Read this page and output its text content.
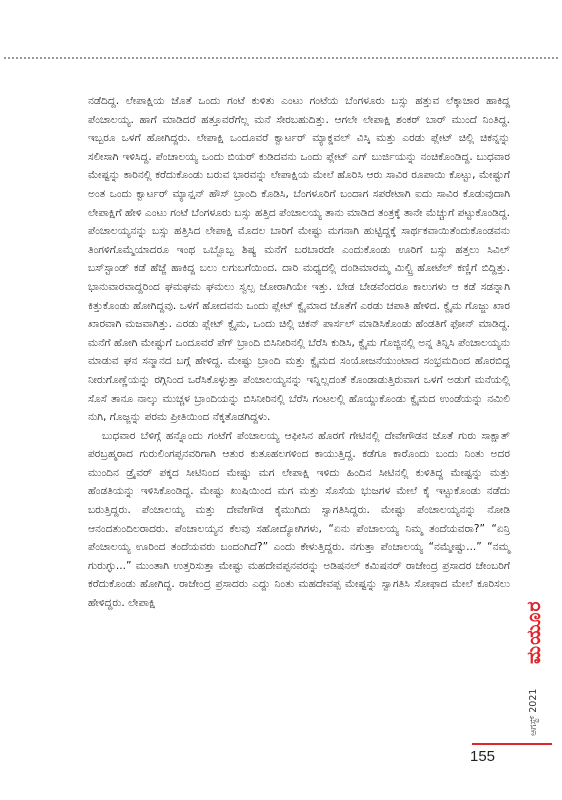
ನಡೆದಿದ್ದ. ಲೇಪಾಕ್ಷಿಯ ಜೊತೆ ಒಂದು ಗಂಟೆ ಕುಳಿತು ಎಂಟು ಗಂಟೆಯ ಬೆಂಗಳೂರು ಬಸ್ಸು ಹತ್ತುವ ಲೆಕ್ಕಾಚಾರ ಹಾಕಿದ್ದ ಪೆಂಚಾಲಯ್ಯ. ಹಾಗೆ ಮಾಡಿದರೆ ಹತ್ತೂವರೆಗೆಲ್ಲ ಮನೆ ಸೇರಬಹುದಿತ್ತು. ಆಗಲೇ ಲೇಪಾಕ್ಷಿ ಶಂಕರ್ ಬಾರ್ ಮುಂದೆ ನಿಂತಿದ್ದ. ಇಬ್ಬರೂ ಒಳಗೆ ಹೋಗಿದ್ದರು. ಲೇಪಾಕ್ಷಿ ಒಂದೂವರೆ ಕ್ವಾರ್ಟರ್ ಮ್ಯಾಕ್ಡವಲ್ ವಿಸ್ಕಿ ಮತ್ತು ಎರಡು ಪ್ಲೇಟ್ ಚಿಲ್ಲಿ ಚಿಕನ್ನನ್ನು ಸಲೀಸಾಗಿ ಇಳಿಸಿದ್ದ. ಪೆಂಚಾಲಯ್ಯ ಒಂದು ಬಿಯರ್ ಕುಡಿದವನು ಒಂದು ಪ್ಲೇಟ್ ಎಗ್ ಬುರ್ಜಿಯನ್ನು ನಂಚಿಕೊಂಡಿದ್ದ. ಬುಧವಾರ ಮೇಷ್ಟನ್ನು ಕಾರಿನಲ್ಲಿ ಕರೆದುಕೊಂಡು ಬರುವ ಭಾರವನ್ನು ಲೇಪಾಕ್ಷಿಯ ಮೇಲೆ ಹೊರಿಸಿ ಆರು ಸಾವಿರ ರೂಪಾಯಿ ಕೊಟ್ಟು, ಮೇಷ್ಟುಗೆ ಅಂತ ಒಂದು ಕ್ವಾರ್ಟರ್ ಮ್ಯಾನ್ಷನ್ ಹೌಸ್ ಬ್ರಾಂದಿ ಕೊಡಿಸಿ, ಬೆಂಗಳೂರಿಗೆ ಬಂದಾಗ ಸಪರೇಟಾಗಿ ಐದು ಸಾವಿರ ಕೊಡುವುದಾಗಿ ಲೇಪಾಕ್ಷಿಗೆ ಹೇಳಿ ಎಂಟು ಗಂಟೆ ಬೆಂಗಳೂರು ಬಸ್ಸು ಹತ್ತಿದ ಪೆಂಚಾಲಯ್ಯ ತಾನು ಮಾಡಿದ ತಂತ್ರಕ್ಕೆ ತಾನೇ ಮೆಚ್ಚುಗೆ ಪಟ್ಟುಕೊಂಡಿದ್ದ. ಪೆಂಚಾಲಯ್ಯನನ್ನು ಬಸ್ಸು ಹತ್ತಿಸಿದ ಲೇಪಾಕ್ಷಿ ಮೊದಲ ಬಾರಿಗೆ ಮೇಷ್ಟು ಮಗನಾಗಿ ಹುಟ್ಟಿದ್ದಕ್ಕೆ ಸಾರ್ಥಕವಾಯಿತೆಂದುಕೊಂಡವನು ತಿಂಗಳಿಗೊಮ್ಮೆಯಾದರೂ ಇಂಥ ಒಬ್ಬೊಬ್ಬ ಶಿಷ್ಯ ಮನೆಗೆ ಬರಬಾರದೇ ಎಂದುಕೊಂಡು ಊರಿಗೆ ಬಸ್ಸು ಹತ್ತಲು ಸಿವಿಲ್ ಬಸ್‌ಸ್ಟಾಂಡ್ ಕಡೆ ಹೆಜ್ಜೆ ಹಾಕಿದ್ದ ಬಲು ಲಗುಬಗೆಯಿಂದ. ದಾರಿ ಮಧ್ಯದಲ್ಲಿ ದಂಡಿಮಾರಮ್ಮ ಮಿಲ್ಟ್ರಿ ಹೋಟೆಲ್ ಕಣ್ಣಿಗೆ ಬಿದ್ದಿತ್ತು. ಭಾನುವಾರವಾದ್ದರಿಂದ ಘಮಘಮ ಘಮಲು ಸ್ವಲ್ಪ ಜೋರಾಗಿಯೇ ಇತ್ತು. ಬೇಡ ಬೇಡವೆಂದರೂ ಕಾಲುಗಳು ಆ ಕಡೆ ಸಡನ್ನಾಗಿ ಕಿತ್ತುಕೊಂಡು ಹೋಗಿದ್ದವು. ಒಳಗೆ ಹೋದವನು ಒಂದು ಪ್ಲೇಟ್ ಕ್ವೈಮಾದ ಜೊತೆಗೆ ಎರಡು ಚಪಾತಿ ಹೇಳಿದ. ಕ್ವೈಮ ಗೊಜ್ಜು ಖಾರ ಖಾರವಾಗಿ ಮಜವಾಗಿತ್ತು. ಎರಡು ಪ್ಲೇಟ್ ಕ್ವೈಮ, ಒಂದು ಚಿಲ್ಲಿ ಚಿಕನ್ ಪಾರ್ಸಲ್ ಮಾಡಿಸಿಕೊಂಡು ಹೆಂಡತಿಗೆ ಫೋನ್ ಮಾಡಿದ್ದ. ಮನೆಗೆ ಹೋಗಿ ಮೇಷ್ಟುಗೆ ಒಂದೂವರೆ ಪೆಗ್ ಬ್ರಾಂದಿ ಬಿಸಿನೀರಿನಲ್ಲಿ ಬೆರೆಸಿ ಕುಡಿಸಿ, ಕ್ವೈಮ ಗೊಜ್ಜಿನಲ್ಲಿ ಅನ್ನ ತಿನ್ನಿಸಿ ಪೆಂಚಾಲಯ್ಯನು ಮಾಡುವ ಘನ ಸನ್ಮಾನದ ಬಗ್ಗೆ ಹೇಳಿದ್ದ. ಮೇಷ್ಟು ಬ್ರಾಂದಿ ಮತ್ತು ಕ್ವೈಮದ ಸಂಯೋಜನೆಯುಂಟಾದ ಸಂಭ್ರಮದಿಂದ ಹೊರಬಿದ್ದ ನೀರುಗೊಣ್ಣೆಯನ್ನು ರಗ್ಗಿನಿಂದ ಒರೆಸಿಕೊಳ್ಳುತ್ತಾ ಪೆಂಚಾಲಯ್ಯನನ್ನು ಇನ್ನಿಲ್ಲದಂತೆ ಕೊಂಡಾಡುತ್ತಿರುವಾಗ ಒಳಗೆ ಅಡುಗೆ ಮನೆಯಲ್ಲಿ ಸೊಸೆ ತಾನೂ ನಾಲ್ಕು ಮುಚ್ಚಳ ಬ್ರಾಂದಿಯನ್ನು ಬಿಸಿನೀರಿನಲ್ಲಿ ಬೆರೆಸಿ ಗಂಟಲಲ್ಲಿ ಹೊಯ್ದುಕೊಂಡು ಕ್ವೈಮದ ಉಂಡೆಯನ್ನು ನಮಿಲಿ ನುಗಿ, ಗೊಜ್ಜನ್ನು ಪರಮ ಪ್ರೀತಿಯಿಂದ ನೆಕ್ಕತೊಡಗಿದ್ದಳು.

ಬುಧವಾರ ಬೆಳಿಗ್ಗೆ ಹನ್ನೊಂದು ಗಂಟೆಗೆ ಪೆಂಚಾಲಯ್ಯ ಆಫೀಸಿನ ಹೊರಗೆ ಗೇಟಿನಲ್ಲಿ ದೇವೇಗೌಡನ ಜೊತೆ ಗುರು ಸಾಕ್ಷಾತ್ ಪರಬ್ರಹ್ಮರಾದ ಗುರುಲಿಂಗಪ್ಪನವರಿಗಾಗಿ ಆತುರ ಕುತೂಹಲಗಳಿಂದ ಕಾಯುತ್ತಿದ್ದ. ಕಡೆಗೂ ಕಾರೊಂದು ಬಂದು ನಿಂತು ಅದರ ಮುಂದಿನ ಡ್ರೈವರ್ ಪಕ್ಕದ ಸೀಟಿನಿಂದ ಮೇಷ್ಟು ಮಗ ಲೇಪಾಕ್ಷಿ ಇಳಿದು ಹಿಂದಿನ ಸೀಟಿನಲ್ಲಿ ಕುಳಿತಿದ್ದ ಮೇಷ್ಟನ್ನು ಮತ್ತು ಹೆಂಡತಿಯನ್ನು ಇಳಿಸಿಕೊಂಡಿದ್ದ. ಮೇಷ್ಟು ಖುಷಿಯಿಂದ ಮಗ ಮತ್ತು ಸೊಸೆಯ ಭುಜಗಳ ಮೇಲೆ ಕೈ ಇಟ್ಟುಕೊಂಡು ನಡೆದು ಬರುತ್ತಿದ್ದರು. ಪೆಂಚಾಲಯ್ಯ ಮತ್ತು ದೇವೇಗೌಡ ಕೈಮುಗಿದು ಸ್ವಾಗತಿಸಿದ್ದರು. ಮೇಷ್ಟು ಪೆಂಚಾಲಯ್ಯನನ್ನು ನೋಡಿ ಆನಂದತುಂದಿಲರಾದರು. ಪೆಂಚಾಲಯ್ಯನ ಕೆಲವು ಸಹೋದ್ಯೋಗಿಗಳು, “ಏನು ಪೆಂಚಾಲಯ್ಯ ನಿಮ್ಮ ತಂದೆಯವರಾ?” “ಏನ್ರಿ ಪೆಂಚಾಲಯ್ಯ ಊರಿಂದ ತಂದೆಯವರು ಬಂದಂಗಿದೆ?” ಎಂದು ಕೇಳುತ್ತಿದ್ದರು. ನಗುತ್ತಾ ಪೆಂಚಾಲಯ್ಯ “ನಮ್ಮೇಷ್ಟು...” “ನಮ್ಮ ಗುರುಗ್ಳು...” ಮುಂತಾಗಿ ಉತ್ತರಿಸುತ್ತಾ ಮೇಷ್ಟು ಮಹದೇವಪ್ಪನವರನ್ನು ಅಡಿಷನಲ್ ಕಮಿಷನರ್ ರಾಜೇಂದ್ರ ಪ್ರಸಾದರ ಚೇಂಬರಿಗೆ ಕರೆದುಕೊಂಡು ಹೋಗಿದ್ದ. ರಾಜೇಂದ್ರ ಪ್ರಸಾದರು ಎದ್ದು ನಿಂತು ಮಹದೇವಪ್ಪ ಮೇಷ್ಟನ್ನು ಸ್ವಾಗತಿಸಿ ಸೋಫಾದ ಮೇಲೆ ಕೂರಿಸಲು ಹೇಳಿದ್ದರು. ಲೇಪಾಕ್ಷಿ	ಮಯೂರ
ಆಗಸ್ಟ್ 2021
155
